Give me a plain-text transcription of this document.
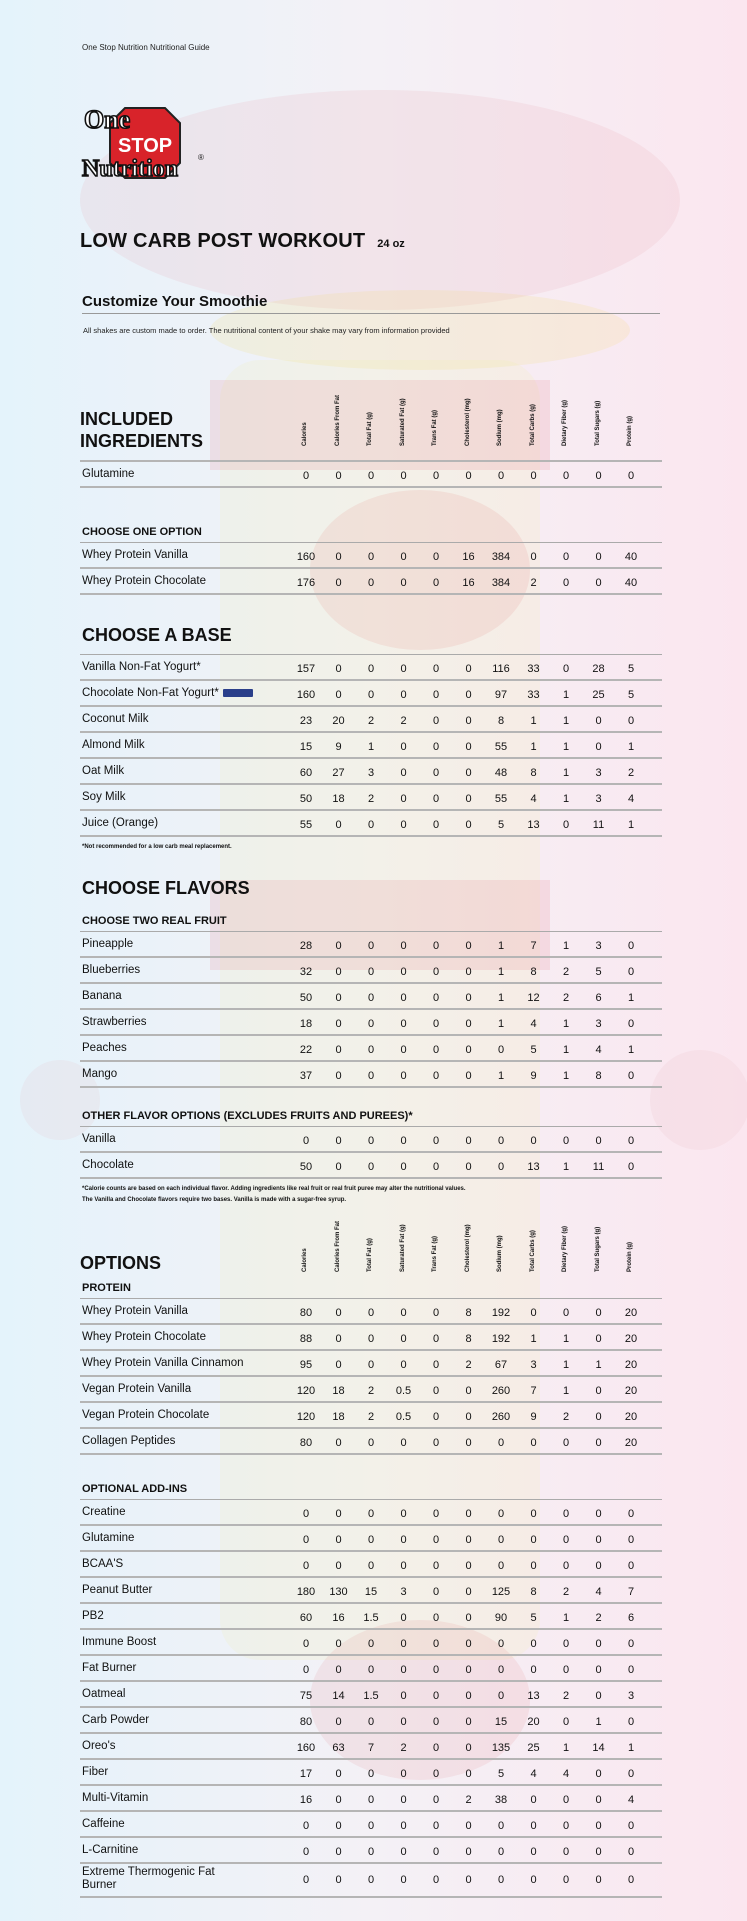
One Stop Nutrition Nutritional Guide
One
STOP
Nutrition	®
LOW CARB POST WORKOUT 24 oz
Customize Your Smoothie
All shakes are custom made to order. The nutritional content of your shake may vary from information provided
INCLUDED
INGREDIENTS	Calories	Calories From Fat	Total Fat (g)	Saturated Fat (g)	Trans Fat (g)	Cholesterol (mg)	Sodium (mg)	Total Carbs (g)	Dietary Fiber (g)	Total Sugars (g)	Protein (g)
Glutamine	0	0	0	0	0	0	0	0	0	0	0
CHOOSE ONE OPTION
Whey Protein Vanilla	160	0	0	0	0	16	384	0	0	0	40
Whey Protein Chocolate	176	0	0	0	0	16	384	2	0	0	40
CHOOSE A BASE
Vanilla Non-Fat Yogurt*	157	0	0	0	0	0	116	33	0	28	5
Chocolate Non-Fat Yogurt*	160	0	0	0	0	0	97	33	1	25	5
Coconut Milk	23	20	2	2	0	0	8	1	1	0	0
Almond Milk	15	9	1	0	0	0	55	1	1	0	1
Oat Milk	60	27	3	0	0	0	48	8	1	3	2
Soy Milk	50	18	2	0	0	0	55	4	1	3	4
Juice (Orange)	55	0	0	0	0	0	5	13	0	11	1
*Not recommended for a low carb meal replacement.
CHOOSE FLAVORS
CHOOSE TWO REAL FRUIT
Pineapple	28	0	0	0	0	0	1	7	1	3	0
Blueberries	32	0	0	0	0	0	1	8	2	5	0
Banana	50	0	0	0	0	0	1	12	2	6	1
Strawberries	18	0	0	0	0	0	1	4	1	3	0
Peaches	22	0	0	0	0	0	0	5	1	4	1
Mango	37	0	0	0	0	0	1	9	1	8	0
OTHER FLAVOR OPTIONS (EXCLUDES FRUITS AND PUREES)*
Vanilla	0	0	0	0	0	0	0	0	0	0	0
Chocolate	50	0	0	0	0	0	0	13	1	11	0
*Calorie counts are based on each individual flavor. Adding ingredients like real fruit or real fruit puree may alter the nutritional values.
The Vanilla and Chocolate flavors require two bases. Vanilla is made with a sugar-free syrup.
OPTIONS	Calories	Calories From Fat	Total Fat (g)	Saturated Fat (g)	Trans Fat (g)	Cholesterol (mg)	Sodium (mg)	Total Carbs (g)	Dietary Fiber (g)	Total Sugars (g)	Protein (g)
PROTEIN
Whey Protein Vanilla	80	0	0	0	0	8	192	0	0	0	20
Whey Protein Chocolate	88	0	0	0	0	8	192	1	1	0	20
Whey Protein Vanilla Cinnamon	95	0	0	0	0	2	67	3	1	1	20
Vegan Protein Vanilla	120	18	2	0.5	0	0	260	7	1	0	20
Vegan Protein Chocolate	120	18	2	0.5	0	0	260	9	2	0	20
Collagen Peptides	80	0	0	0	0	0	0	0	0	0	20
OPTIONAL ADD-INS
Creatine	0	0	0	0	0	0	0	0	0	0	0
Glutamine	0	0	0	0	0	0	0	0	0	0	0
BCAA'S	0	0	0	0	0	0	0	0	0	0	0
Peanut Butter	180	130	15	3	0	0	125	8	2	4	7
PB2	60	16	1.5	0	0	0	90	5	1	2	6
Immune Boost	0	0	0	0	0	0	0	0	0	0	0
Fat Burner	0	0	0	0	0	0	0	0	0	0	0
Oatmeal	75	14	1.5	0	0	0	0	13	2	0	3
Carb Powder	80	0	0	0	0	0	15	20	0	1	0
Oreo's	160	63	7	2	0	0	135	25	1	14	1
Fiber	17	0	0	0	0	0	5	4	4	0	0
Multi-Vitamin	16	0	0	0	0	2	38	0	0	0	4
Caffeine	0	0	0	0	0	0	0	0	0	0	0
L-Carnitine	0	0	0	0	0	0	0	0	0	0	0
Extreme Thermogenic Fat Burner	0	0	0	0	0	0	0	0	0	0	0
